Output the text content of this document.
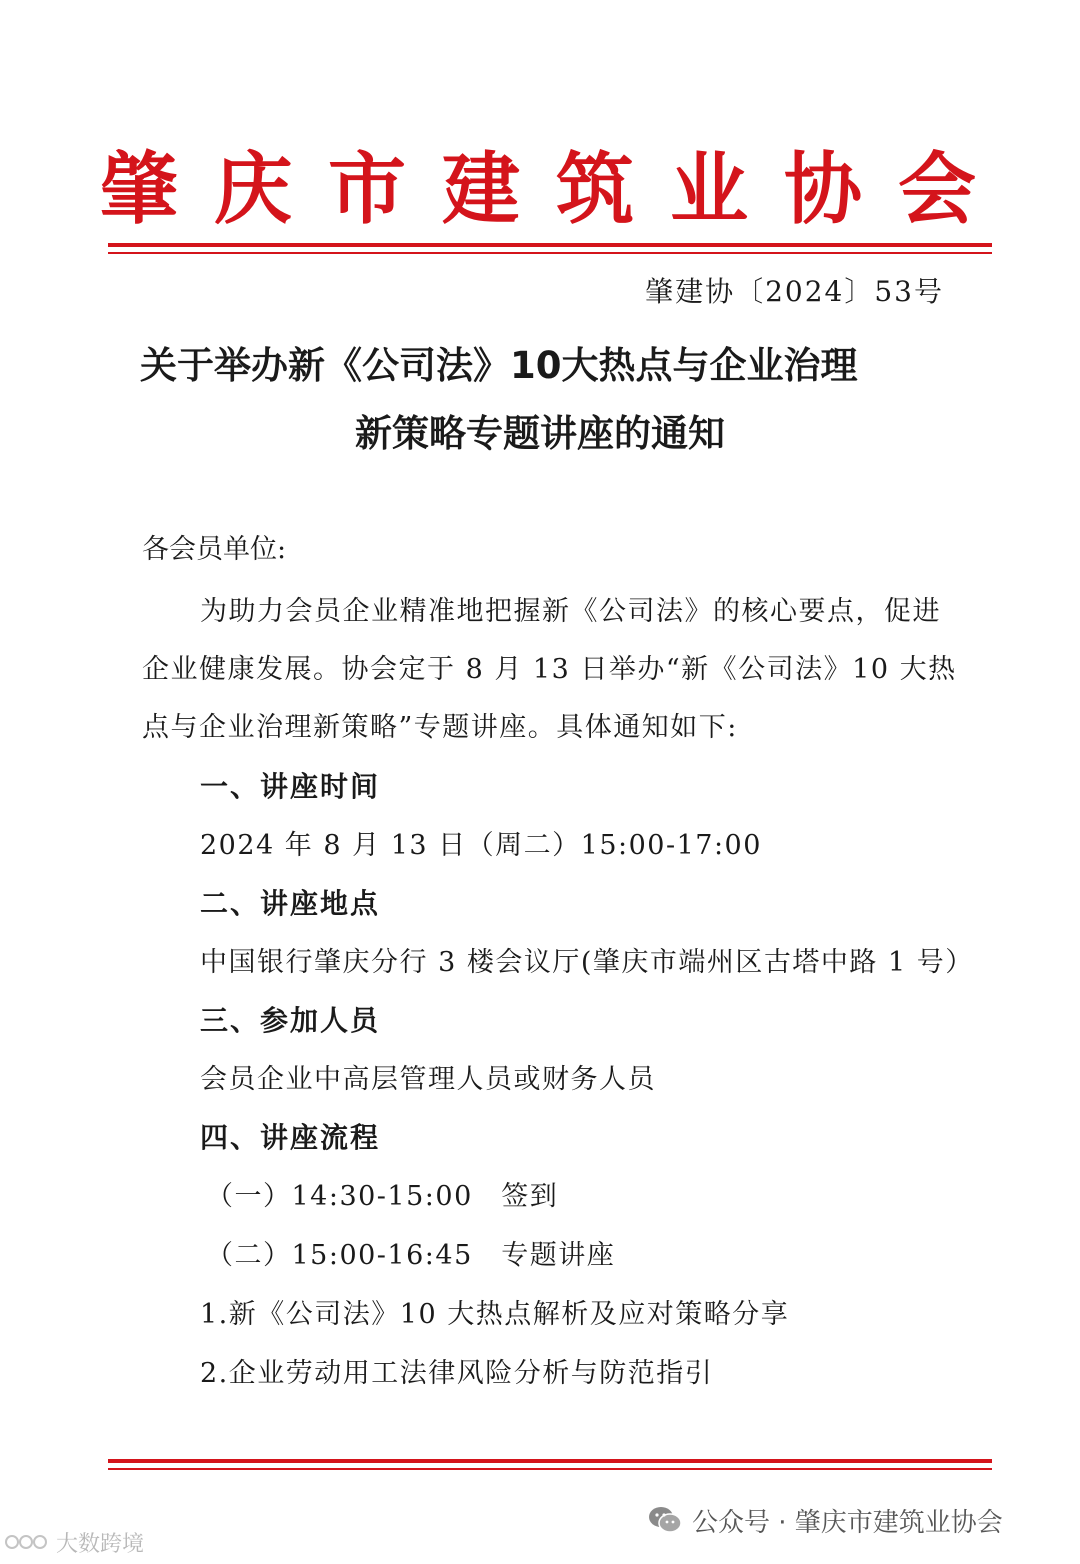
肇庆市建筑业协会
肇建协〔2024〕53号
关于举办新《公司法》10大热点与企业治理
新策略专题讲座的通知
各会员单位:
为助力会员企业精准地把握新《公司法》的核心要点，促进
企业健康发展。协会定于 8 月 13 日举办“新《公司法》10 大热
点与企业治理新策略”专题讲座。具体通知如下:
一、讲座时间
2024 年 8 月 13 日（周二）15:00-17:00
二、讲座地点
中国银行肇庆分行 3 楼会议厅(肇庆市端州区古塔中路 1 号）
三、参加人员
会员企业中高层管理人员或财务人员
四、讲座流程
（一）14:30-15:00　签到
（二）15:00-16:45　专题讲座
1.新《公司法》10 大热点解析及应对策略分享
2.企业劳动用工法律风险分析与防范指引
公众号 · 肇庆市建筑业协会
大数跨境
